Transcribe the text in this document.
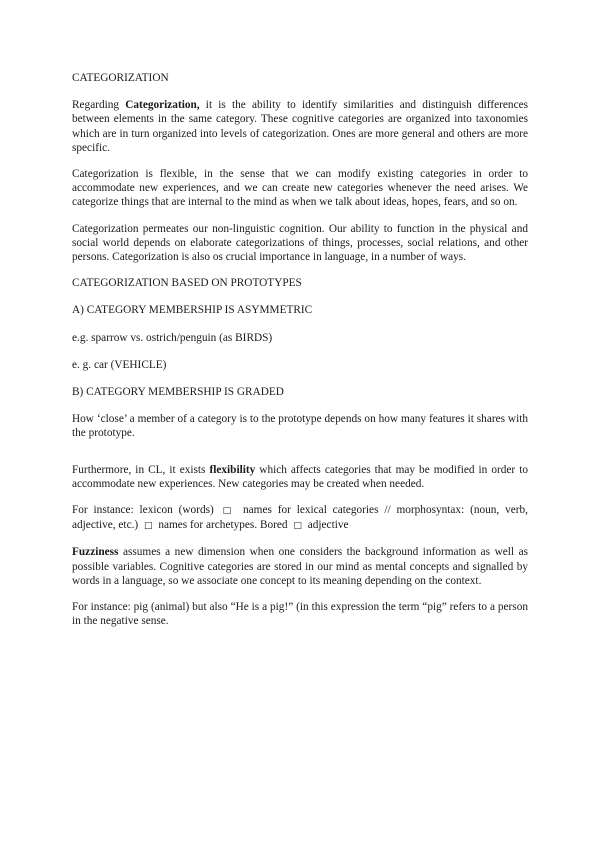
CATEGORIZATION

Regarding Categorization, it is the ability to identify similarities and distinguish differences between elements in the same category. These cognitive categories are organized into taxonomies which are in turn organized into levels of categorization. Ones are more general and others are more specific.

Categorization is flexible, in the sense that we can modify existing categories in order to accommodate new experiences, and we can create new categories whenever the need arises. We categorize things that are internal to the mind as when we talk about ideas, hopes, fears, and so on.

Categorization permeates our non-linguistic cognition. Our ability to function in the physical and social world depends on elaborate categorizations of things, processes, social relations, and other persons. Categorization is also os crucial importance in language, in a number of ways.

CATEGORIZATION BASED ON PROTOTYPES

A) CATEGORY MEMBERSHIP IS ASYMMETRIC

e.g. sparrow vs. ostrich/penguin (as BIRDS)

e. g. car (VEHICLE)

B) CATEGORY MEMBERSHIP IS GRADED

How ‘close’ a member of a category is to the prototype depends on how many features it shares with the prototype.

Furthermore, in CL, it exists flexibility which affects categories that may be modified in order to accommodate new experiences. New categories may be created when needed.

For instance: lexicon (words) □ names for lexical categories // morphosyntax: (noun, verb, adjective, etc.) □ names for archetypes. Bored □ adjective

Fuzziness assumes a new dimension when one considers the background information as well as possible variables. Cognitive categories are stored in our mind as mental concepts and signalled by words in a language, so we associate one concept to its meaning depending on the context.

For instance: pig (animal) but also “He is a pig!” (in this expression the term “pig” refers to a person in the negative sense.
